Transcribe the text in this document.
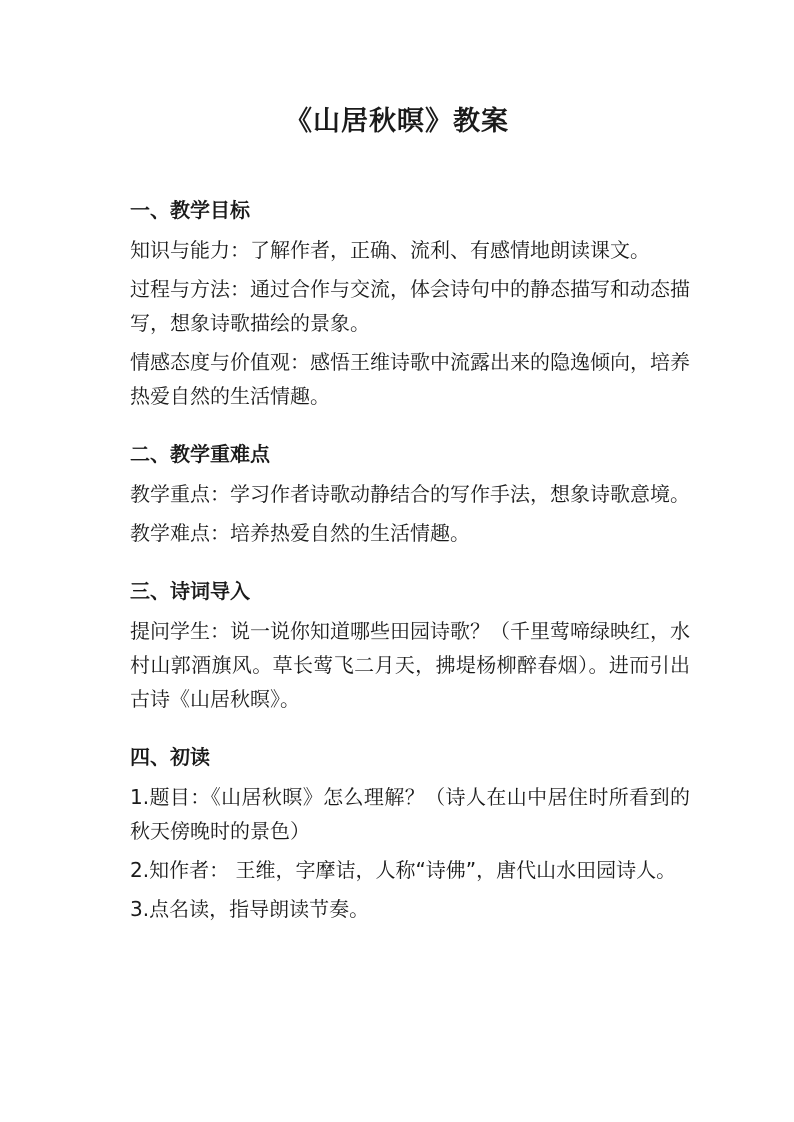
《山居秋暝》教案
一、教学目标
知识与能力：了解作者，正确、流利、有感情地朗读课文。
过程与方法：通过合作与交流，体会诗句中的静态描写和动态描写，想象诗歌描绘的景象。
情感态度与价值观：感悟王维诗歌中流露出来的隐逸倾向，培养热爱自然的生活情趣。
二、教学重难点
教学重点：学习作者诗歌动静结合的写作手法，想象诗歌意境。
教学难点：培养热爱自然的生活情趣。
三、诗词导入
提问学生：说一说你知道哪些田园诗歌？（千里莺啼绿映红，水村山郭酒旗风。草长莺飞二月天，拂堤杨柳醉春烟）。进而引出古诗《山居秋暝》。
四、初读
1.题目：《山居秋暝》怎么理解？（诗人在山中居住时所看到的秋天傍晚时的景色）
2.知作者： 王维，字摩诘，人称“诗佛”，唐代山水田园诗人。
3.点名读，指导朗读节奏。
